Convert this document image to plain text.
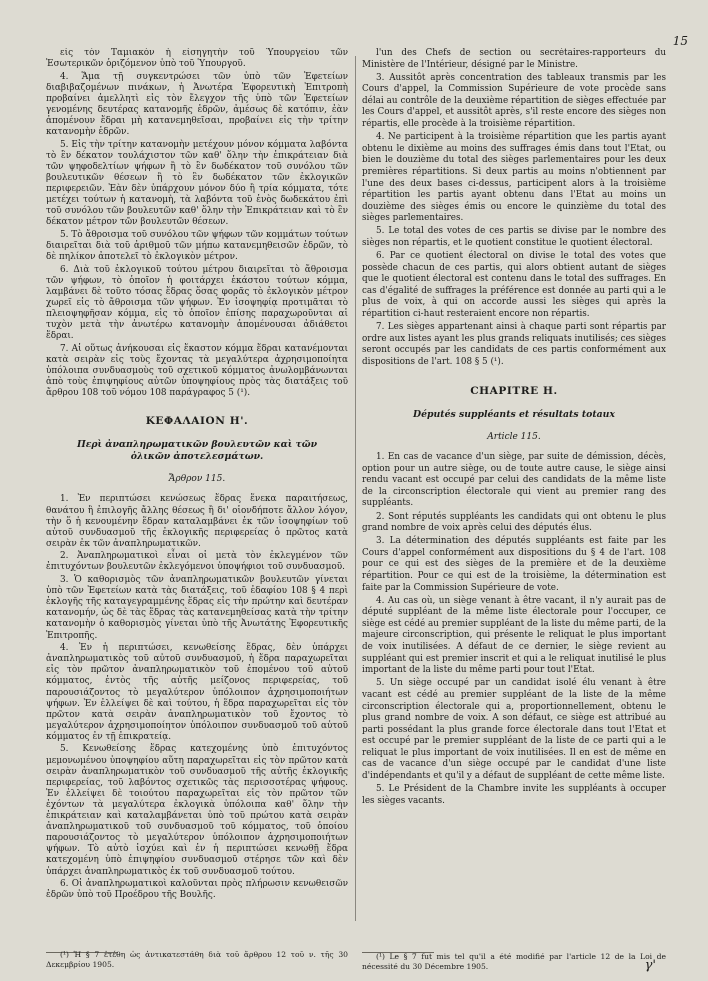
15

εἰς τὸν Ταμιακὸν ἡ εἰσηγητὴν τοῦ Ὑπουργείου τῶν Ἐσωτερικῶν ὁριζόμενον ὑπὸ τοῦ Ὑπουργοῦ.

4. Ἅμα τῇ συγκεντρώσει τῶν ὑπὸ τῶν Ἐφετείων διαβιβαζομένων πινάκων, ἡ Ἀνωτέρα Ἐφορευτικὴ Ἐπιτροπὴ προβαίνει ἀμελλητὶ εἰς τὸν ἔλεγχον τῆς ὑπὸ τῶν Ἐφετείων γενομένης δευτέρας κατανομῆς ἑδρῶν, ἀμέσως δὲ κατόπιν, ἐὰν ἀπομένουν ἕδραι μὴ κατανεμηθεῖσαι, προβαίνει εἰς τὴν τρίτην κατανομὴν ἑδρῶν.

5. Εἰς τὴν τρίτην κατανομὴν μετέχουν μόνον κόμματα λαβόντα τὸ ἓν δέκατον τουλάχιστον τῶν καθ' ὅλην τὴν ἐπικράτειαν διὰ τῶν ψηφοδελτίων ψήφων ἢ τὸ ἓν δωδέκατον τοῦ συνόλου τῶν βουλευτικῶν θέσεων ἢ τὸ ἓν δωδέκατον τῶν ἐκλογικῶν περιφερειῶν. Ἐὰν δὲν ὑπάρχουν μόνον δύο ἢ τρία κόμματα, τότε μετέχει τούτων ἡ κατανομὴ, τὰ λαβόντα τοῦ ἑνὸς δωδεκάτου ἐπὶ τοῦ συνόλου τῶν βουλευτῶν καθ' ὅλην τὴν Ἐπικράτειαν καὶ τὸ ἓν δέκατον μέτρον τῶν βουλευτῶν θέσεων.

5. Τὸ ἄθροισμα τοῦ συνόλου τῶν ψήφων τῶν κομμάτων τούτων διαιρεῖται διὰ τοῦ ἀριθμοῦ τῶν μήπω κατανεμηθεισῶν ἑδρῶν, τὸ δὲ πηλίκον ἀποτελεῖ τὸ ἐκλογικὸν μέτρον.

6. Διὰ τοῦ ἐκλογικοῦ τούτου μέτρου διαιρεῖται τὸ ἄθροισμα τῶν ψήφων, τὸ ὁποῖον ἡ φοιτάρχει ἑκάστου τούτων κόμμα, λαμβάνει δὲ τοῦτο τόσας ἕδρας ὅσας φορᾶς τὸ ἐκλογικὸν μέτρον χωρεῖ εἰς τὸ ἄθροισμα τῶν ψήφων. Ἐν ἰσοψηφίᾳ προτιμᾶται τὸ πλειοψηφῆσαν κόμμα, εἰς τὸ ὁποῖον ἐπίσης παραχωροῦνται αἱ τυχὸν μετὰ τὴν ἀνωτέρω κατανομὴν ἀπομένουσαι ἀδιάθετοι ἕδραι.

7. Αἱ οὕτως ἀνήκουσαι εἰς ἕκαστον κόμμα ἕδραι κατανέμονται κατὰ σειρὰν εἰς τοὺς ἔχοντας τὰ μεγαλύτερα ἀχρησιμοποίητα ὑπόλοιπα συνδυασμοὺς τοῦ σχετικοῦ κόμματος ἀνωλομβάνωνται ἀπὸ τοὺς ἐπιψηφίους αὐτῶν ὑποψηφίους πρὸς τὰς διατάξεις τοῦ ἄρθρου 108 τοῦ νόμου 108 παράγραφος 5 (¹).

ΚΕΦΑΛΑΙΟΝ Η'.
Περὶ ἀναπληρωματικῶν βουλευτῶν καὶ τῶν ὁλικῶν ἀποτελεσμάτων.
Ἄρθρον 115.

1. Ἐν περιπτώσει κενώσεως ἕδρας ἕνεκα παραιτήσεως, θανάτου ἢ ἐπιλογῆς ἄλλης θέσεως ἢ δι' οἱονδήποτε ἄλλον λόγον, τὴν ὅ ἡ κενουμένην ἕδραν καταλαμβάνει ἐκ τῶν ἰσοψηφίων τοῦ αὐτοῦ συνδυασμοῦ τῆς ἐκλογικῆς περιφερείας ὁ πρῶτος κατὰ σειρὰν ἐκ τῶν ἀναπληρωματικῶν.

2. Ἀναπληρωματικοὶ εἶναι οἱ μετὰ τὸν ἐκλεγμένον τῶν ἐπιτυχόντων βουλευτῶν ἐκλεγόμενοι ὑποψήφιοι τοῦ συνδυασμοῦ.

3. Ὁ καθορισμὸς τῶν ἀναπληρωματικῶν βουλευτῶν γίνεται ὑπὸ τῶν Ἐφετείων κατὰ τὰς διατάξεις, τοῦ ἐδαφίου 108 § 4 περὶ ἐκλογῆς τῆς καταγεγραμμένης ἕδρας εἰς τὴν πρώτην καὶ δευτέραν κατανομήν, ὡς δὲ τὰς ἕδρας τὰς κατανεμηθείσας κατὰ τὴν τρίτην κατανομὴν ὁ καθορισμὸς γίνεται ὑπὸ τῆς Ἀνωτάτης Ἐφορευτικῆς Ἐπιτροπῆς.

4. Ἐν ἡ περιπτώσει, κενωθείσης ἕδρας, δὲν ὑπάρχει ἀναπληρωματικὸς τοῦ αὐτοῦ συνδυασμοῦ, ἡ ἕδρα παραχωρεῖται εἰς τὸν πρῶτον ἀναπληρωματικὸν τοῦ ἑπομένου τοῦ αὐτοῦ κόμματος, ἐντὸς τῆς αὐτῆς μείζονος περιφερείας, τοῦ παρουσιάζοντος τὸ μεγαλύτερον ὑπόλοιπον ἀχρησιμοποιήτων ψήφων. Ἐν ἐλλείψει δὲ καὶ τούτου, ἡ ἕδρα παραχωρεῖται εἰς τὸν πρῶτον κατὰ σειρὰν ἀναπληρωματικὸν τοῦ ἔχοντος τὸ μεγαλύτερον ἀχρησιμοποίητον ὑπόλοιπον συνδυασμοῦ τοῦ αὐτοῦ κόμματος ἐν τῇ ἐπικρατείᾳ.

5. Κενωθείσης ἕδρας κατεχομένης ὑπὸ ἐπιτυχόντος μεμονωμένου ὑποψηφίου αὕτη παραχωρεῖται εἰς τὸν πρῶτον κατὰ σειρὰν ἀναπληρωματικὸν τοῦ συνδυασμοῦ τῆς αὐτῆς ἐκλογικῆς περιφερείας, τοῦ λαβόντος σχετικῶς τὰς περισσοτέρας ψήφους. Ἐν ἐλλείψει δὲ τοιούτου παραχωρεῖται εἰς τὸν πρῶτον τῶν ἐχόντων τὰ μεγαλύτερα ἐκλογικὰ ὑπόλοιπα καθ' ὅλην τὴν ἐπικράτειαν καὶ καταλαμβάνεται ὑπὸ τοῦ πρώτου κατὰ σειρὰν ἀναπληρωματικοῦ τοῦ συνδυασμοῦ τοῦ κόμματος, τοῦ ὁποίου παρουσιάζοντος τὸ μεγαλύτερον ὑπόλοιπον ἀχρησιμοποιήτων ψήφων. Τὸ αὐτὸ ἰσχύει καὶ ἐν ἡ περιπτώσει κενωθῇ ἕδρα κατεχομένη ὑπὸ ἐπιψηφίου συνδυασμοῦ στέρησε τῶν καὶ δὲν ὑπάρχει ἀναπληρωματικὸς ἐκ τοῦ συνδυασμοῦ τούτου.

6. Οἱ ἀναπληρωματικοὶ καλοῦνται πρὸς πλήρωσιν κενωθεισῶν ἑδρῶν ὑπὸ τοῦ Προέδρου τῆς Βουλῆς.

l'un des Chefs de section ou secrétaires-rapporteurs du Ministère de l'Intérieur, désigné par le Ministre.

3. Aussitôt après concentration des tableaux transmis par les Cours d'appel, la Commission Supérieure de vote procède sans délai au contrôle de la deuxième répartition de sièges effectuée par les Cours d'appel, et aussitôt après, s'il reste encore des sièges non répartis, elle procède à la troisième répartition.

4. Ne participent à la troisième répartition que les partis ayant obtenu le dixième au moins des suffrages émis dans tout l'Etat, ou bien le douzième du total des sièges parlementaires pour les deux premières répartitions. Si deux partis au moins n'obtiennent par l'une des deux bases ci-dessus, participent alors à la troisième répartition les partis ayant obtenu dans l'Etat au moins un douzième des sièges émis ou encore le quinzième du total des sièges parlementaires.

5. Le total des votes de ces partis se divise par le nombre des sièges non répartis, et le quotient constitue le quotient électoral.

6. Par ce quotient électoral on divise le total des votes que possède chacun de ces partis, qui alors obtient autant de sièges que le quotient électoral est contenu dans le total des suffrages. En cas d'égalité de suffrages la préférence est donnée au parti qui a le plus de voix, à qui on accorde aussi les sièges qui après la répartition ci-haut resteraient encore non répartis.

7. Les sièges appartenant ainsi à chaque parti sont répartis par ordre aux listes ayant les plus grands reliquats inutilisés; ces sièges seront occupés par les candidats de ces partis conformément aux dispositions de l'art. 108 § 5 (¹).

CHAPITRE H.
Députés suppléants et résultats totaux
Article 115.

1. En cas de vacance d'un siège, par suite de démission, décès, option pour un autre siège, ou de toute autre cause, le siège ainsi rendu vacant est occupé par celui des candidats de la même liste de la circonscription électorale qui vient au premier rang des suppléants.

2. Sont réputés suppléants les candidats qui ont obtenu le plus grand nombre de voix après celui des députés élus.

3. La détermination des députés suppléants est faite par les Cours d'appel conformément aux dispositions du § 4 de l'art. 108 pour ce qui est des sièges de la première et de la deuxième répartition. Pour ce qui est de la troisième, la détermination est faite par la Commission Supérieure de vote.

4. Au cas où, un siège venant à être vacant, il n'y aurait pas de député suppléant de la même liste électorale pour l'occuper, ce siège est cédé au premier suppléant de la liste du même parti, de la majeure circonscription, qui présente le reliquat le plus important de voix inutilisées. A défaut de ce dernier, le siège revient au suppléant qui est premier inscrit et qui a le reliquat inutilisé le plus important de la liste du même parti pour tout l'Etat.

5. Un siège occupé par un candidat isolé élu venant à être vacant est cédé au premier suppléant de la liste de la même circonscription électorale qui a, proportionnellement, obtenu le plus grand nombre de voix. A son défaut, ce siège est attribué au parti possédant la plus grande force électorale dans tout l'Etat et est occupé par le premier suppléant de la liste de ce parti qui a le reliquat le plus important de voix inutilisées. Il en est de même en cas de vacance d'un siège occupé par le candidat d'une liste d'indépendants et qu'il y a défaut de suppléant de cette même liste.

5. Le Président de la Chambre invite les suppléants à occuper les sièges vacants.

(¹) Ἡ § 7 ἐτέθη ὡς ἀντικατεστάθη διὰ τοῦ ἄρθρου 12 τοῦ ν. τῆς 30 Δεκεμβρίου 1905.
(¹) Le § 7 fut mis tel qu'il a été modifié par l'article 12 de la Loi de nécessité du 30 Décembre 1905.	γ'
